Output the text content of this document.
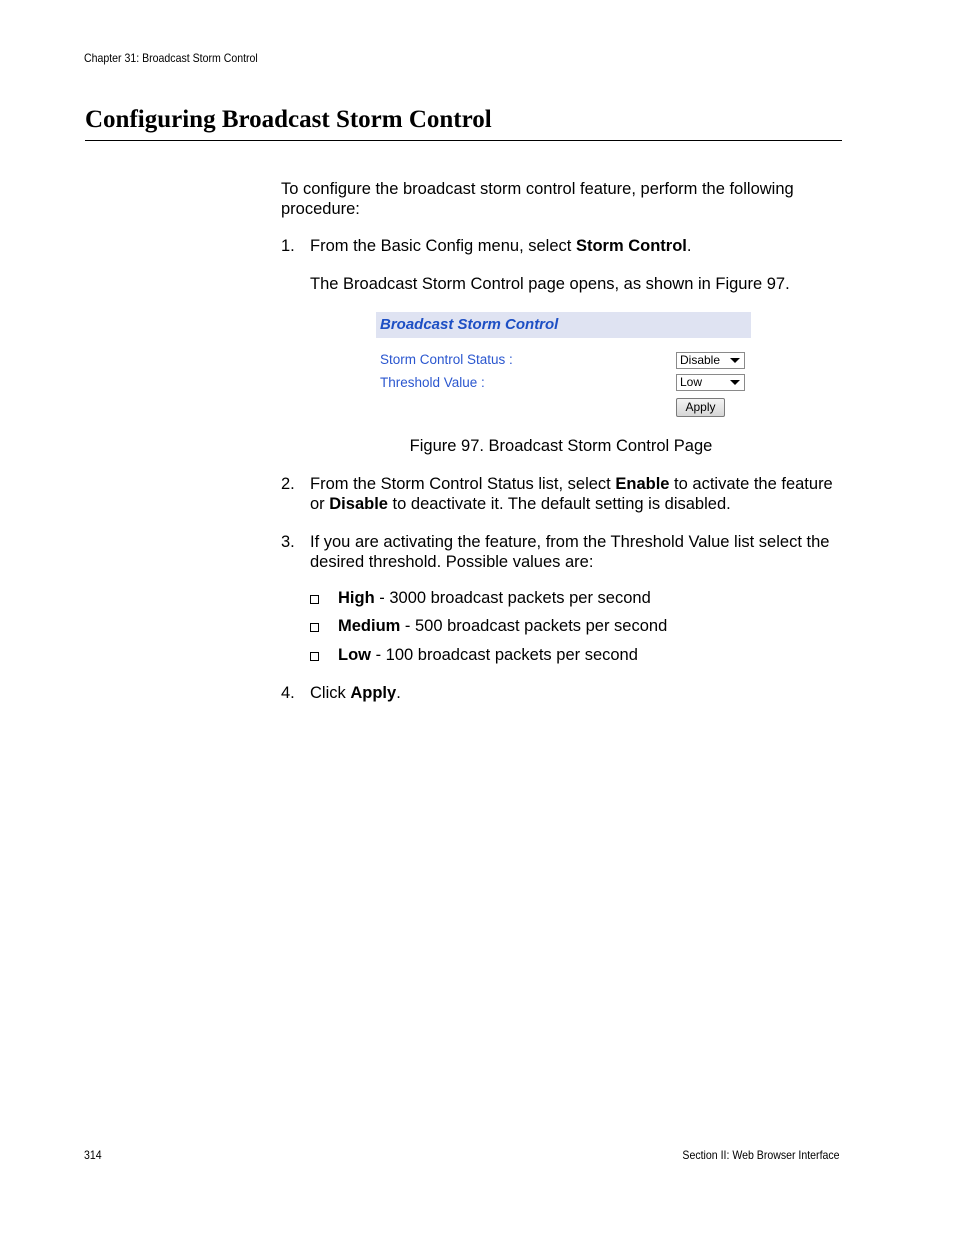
Chapter 31: Broadcast Storm Control
Configuring Broadcast Storm Control
To configure the broadcast storm control feature, perform the following procedure:
1. From the Basic Config menu, select Storm Control.
The Broadcast Storm Control page opens, as shown in Figure 97.
Broadcast Storm Control
Storm Control Status :	Disable
Threshold Value :	Low
Apply
Figure 97. Broadcast Storm Control Page
2. From the Storm Control Status list, select Enable to activate the feature or Disable to deactivate it. The default setting is disabled.
3. If you are activating the feature, from the Threshold Value list select the desired threshold. Possible values are:
High - 3000 broadcast packets per second
Medium - 500 broadcast packets per second
Low - 100 broadcast packets per second
4. Click Apply.
314	Section II: Web Browser Interface
